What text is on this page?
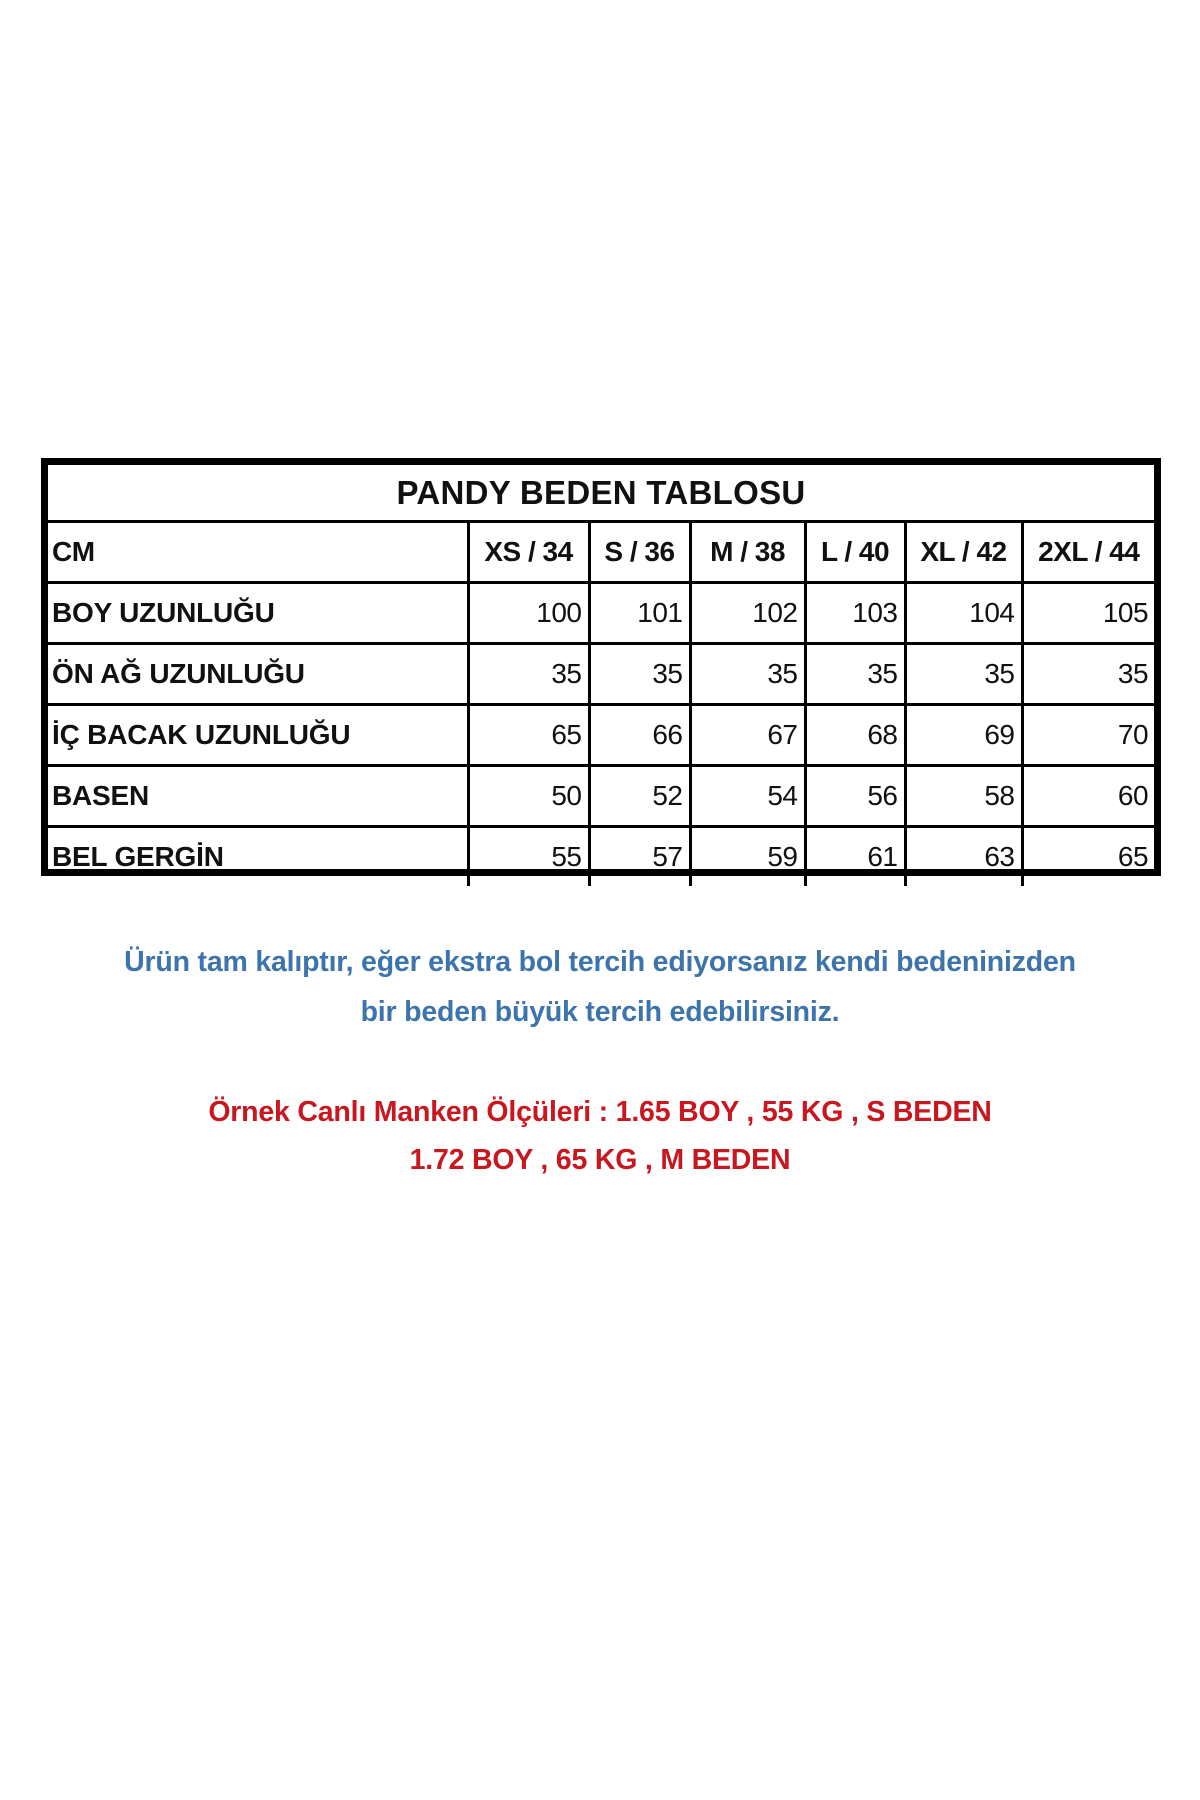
PANDY BEDEN TABLOSU						
CM	XS / 34	S / 36	M / 38	L / 40	XL / 42	2XL / 44
BOY UZUNLUĞU	100	101	102	103	104	105
ÖN AĞ UZUNLUĞU	35	35	35	35	35	35
İÇ BACAK UZUNLUĞU	65	66	67	68	69	70
BASEN	50	52	54	56	58	60
BEL GERGİN	55	57	59	61	63	65
Ürün tam kalıptır, eğer ekstra bol tercih ediyorsanız kendi bedeninizden
bir beden büyük tercih edebilirsiniz.
Örnek Canlı Manken Ölçüleri : 1.65 BOY , 55 KG , S BEDEN
1.72 BOY , 65 KG , M BEDEN
